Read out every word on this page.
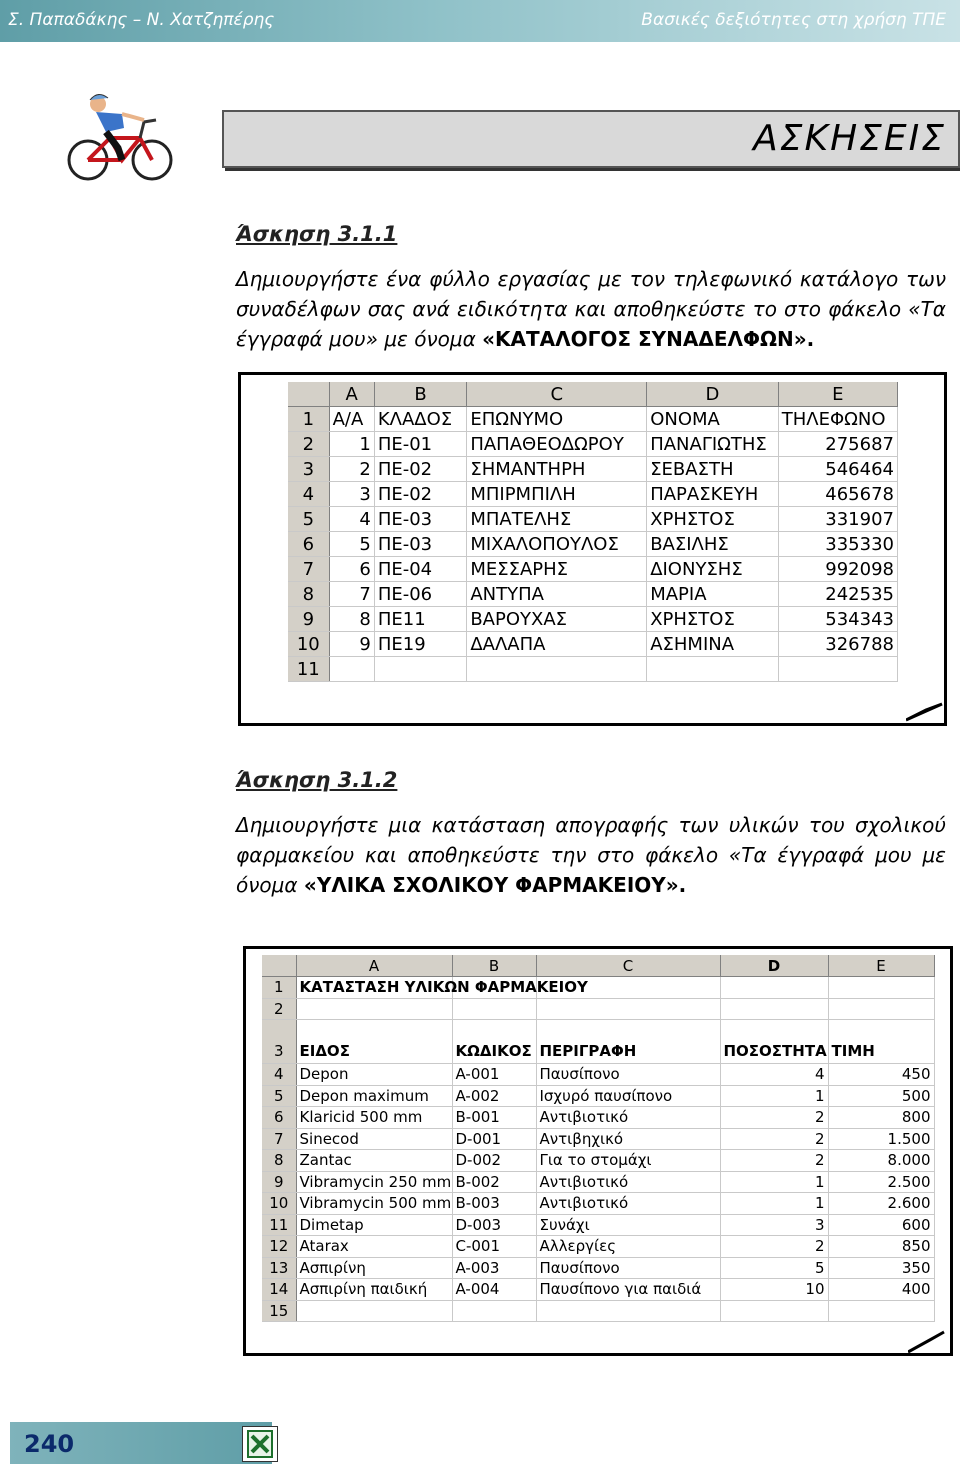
Σ. Παπαδάκης – Ν. Χατζηπέρης	Βασικές δεξιότητες στη χρήση ΤΠΕ
ΑΣΚΗΣΕΙΣ
Άσκηση 3.1.1
Δημιουργήστε ένα φύλλο εργασίας με τον τηλεφωνικό κατάλογο των συναδέλφων σας ανά ειδικότητα και αποθηκεύστε το στο φάκελο «Τα έγγραφά μου» με όνομα «ΚΑΤΑΛΟΓΟΣ ΣΥΝΑΔΕΛΦΩΝ».
	A	B	C	D	E
1	Α/Α	ΚΛΑΔΟΣ	ΕΠΩΝΥΜΟ	ΟΝΟΜΑ	ΤΗΛΕΦΩΝΟ
2	1	ΠΕ-01	ΠΑΠΑΘΕΟΔΩΡΟΥ	ΠΑΝΑΓΙΩΤΗΣ	275687
3	2	ΠΕ-02	ΣΗΜΑΝΤΗΡΗ	ΣΕΒΑΣΤΗ	546464
4	3	ΠΕ-02	ΜΠΙΡΜΠΙΛΗ	ΠΑΡΑΣΚΕΥΗ	465678
5	4	ΠΕ-03	ΜΠΑΤΕΛΗΣ	ΧΡΗΣΤΟΣ	331907
6	5	ΠΕ-03	ΜΙΧΑΛΟΠΟΥΛΟΣ	ΒΑΣΙΛΗΣ	335330
7	6	ΠΕ-04	ΜΕΣΣΑΡΗΣ	ΔΙΟΝΥΣΗΣ	992098
8	7	ΠΕ-06	ΑΝΤΥΠΑ	ΜΑΡΙΑ	242535
9	8	ΠΕ11	ΒΑΡΟΥΧΑΣ	ΧΡΗΣΤΟΣ	534343
10	9	ΠΕ19	ΔΑΛΑΠΑ	ΑΣΗΜΙΝΑ	326788
11					
Άσκηση 3.1.2
Δημιουργήστε μια κατάσταση απογραφής των υλικών του σχολικού φαρμακείου και αποθηκεύστε την στο φάκελο «Τα έγγραφά μου με όνομα «ΥΛΙΚΑ ΣΧΟΛΙΚΟΥ ΦΑΡΜΑΚΕΙΟΥ».
	A	B	C	D	E
1	ΚΑΤΑΣΤΑΣΗ ΥΛΙΚΩΝ ΦΑΡΜΑΚΕΙΟΥ				
2					
3	ΕΙΔΟΣ	ΚΩΔΙΚΟΣ	ΠΕΡΙΓΡΑΦΗ	ΠΟΣΟΣΤΗΤΑ	ΤΙΜΗ
4	Depon	A-001	Παυσίπονο	4	450
5	Depon maximum	A-002	Ισχυρό παυσίπονο	1	500
6	Klaricid 500 mm	B-001	Αντιβιοτικό	2	800
7	Sinecod	D-001	Αντιβηχικό	2	1.500
8	Zantac	D-002	Για το στομάχι	2	8.000
9	Vibramycin 250 mm	B-002	Αντιβιοτικό	1	2.500
10	Vibramycin 500 mm	B-003	Αντιβιοτικό	1	2.600
11	Dimetap	D-003	Συνάχι	3	600
12	Atarax	C-001	Αλλεργίες	2	850
13	Ασπιρίνη	A-003	Παυσίπονο	5	350
14	Ασπιρίνη παιδική	A-004	Παυσίπονο για παιδιά	10	400
15					
240
